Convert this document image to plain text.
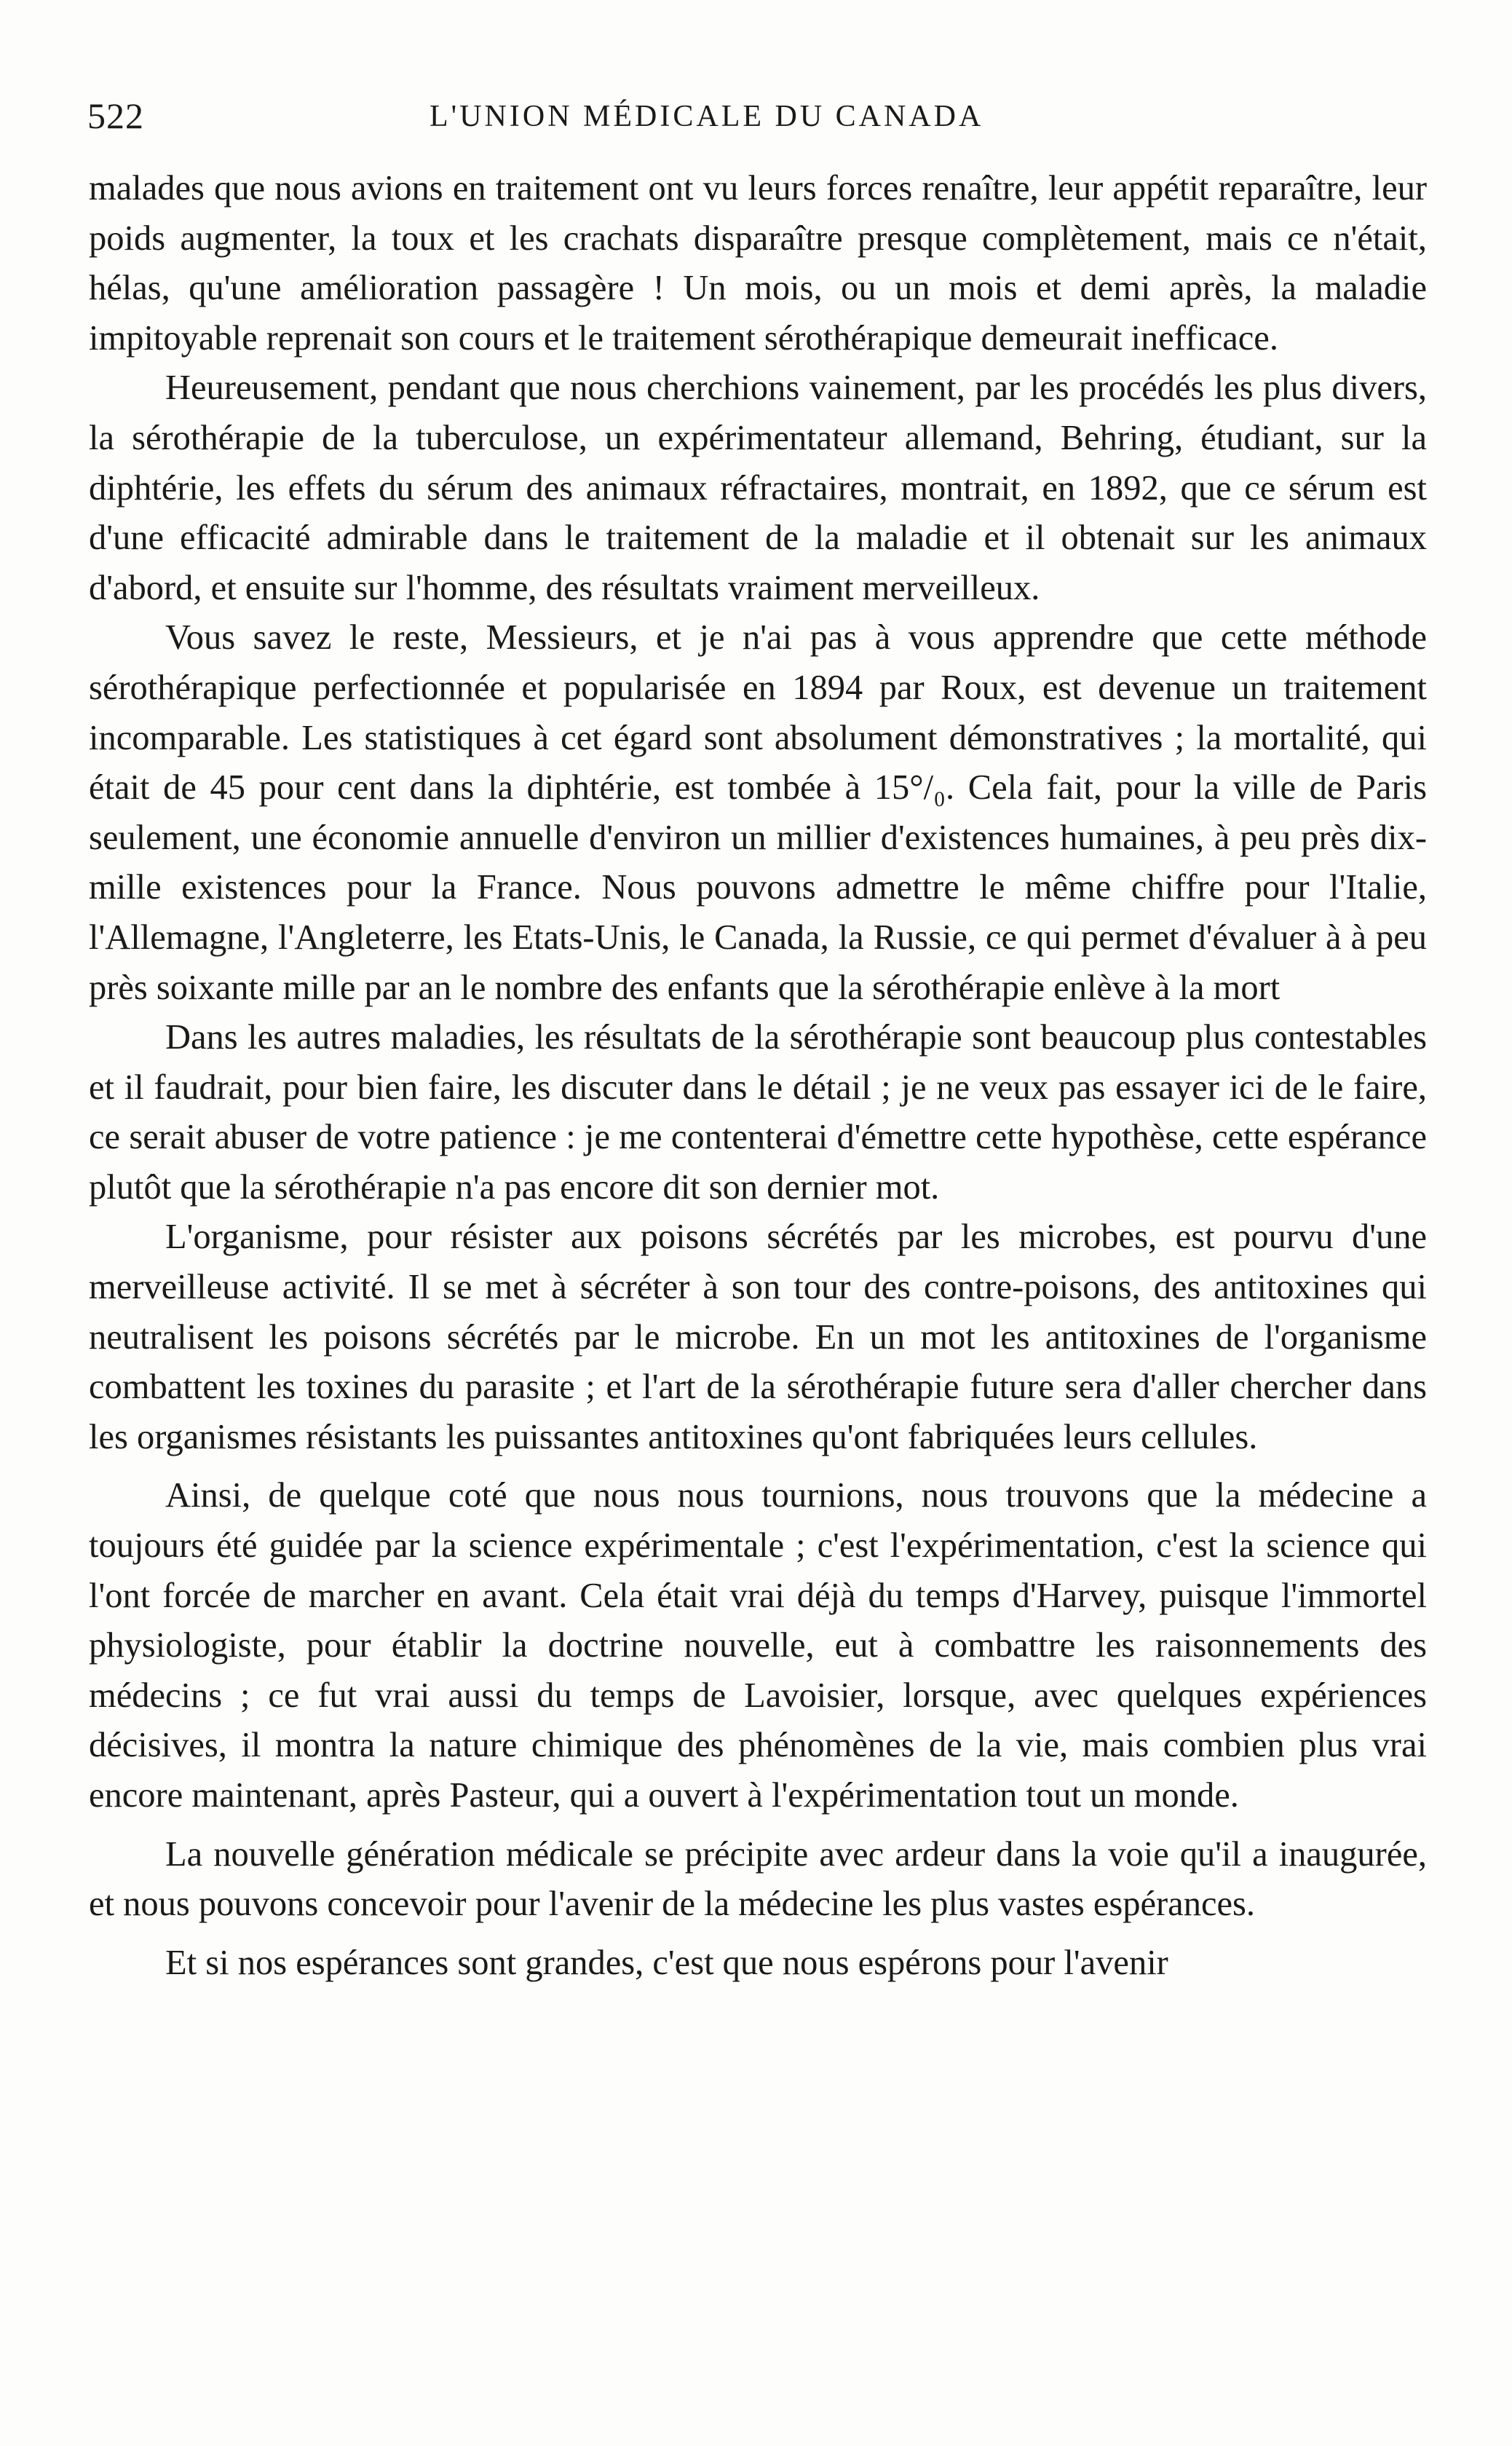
522	L'UNION MÉDICALE DU CANADA

malades que nous avions en traitement ont vu leurs forces renaître, leur appétit reparaître, leur poids augmenter, la toux et les crachats disparaître presque complètement, mais ce n'était, hélas, qu'une amélioration passagère ! Un mois, ou un mois et demi après, la maladie impitoyable reprenait son cours et le traitement sérothérapique demeurait inefficace.

Heureusement, pendant que nous cherchions vainement, par les procédés les plus divers, la sérothérapie de la tuberculose, un expérimentateur allemand, Behring, étudiant, sur la diphtérie, les effets du sérum des animaux réfractaires, montrait, en 1892, que ce sérum est d'une efficacité admirable dans le traitement de la maladie et il obtenait sur les animaux d'abord, et ensuite sur l'homme, des résultats vraiment merveilleux.

Vous savez le reste, Messieurs, et je n'ai pas à vous apprendre que cette méthode sérothérapique perfectionnée et popularisée en 1894 par Roux, est devenue un traitement incomparable. Les statistiques à cet égard sont absolument démonstratives ; la mortalité, qui était de 45 pour cent dans la diphtérie, est tombée à 15°/₀. Cela fait, pour la ville de Paris seulement, une économie annuelle d'environ un millier d'existences humaines, à peu près dix-mille existences pour la France. Nous pouvons admettre le même chiffre pour l'Italie, l'Allemagne, l'Angleterre, les Etats-Unis, le Canada, la Russie, ce qui permet d'évaluer à à peu près soixante mille par an le nombre des enfants que la sérothérapie enlève à la mort

Dans les autres maladies, les résultats de la sérothérapie sont beaucoup plus contestables et il faudrait, pour bien faire, les discuter dans le détail ; je ne veux pas essayer ici de le faire, ce serait abuser de votre patience : je me contenterai d'émettre cette hypothèse, cette espérance plutôt que la sérothérapie n'a pas encore dit son dernier mot.

L'organisme, pour résister aux poisons sécrétés par les microbes, est pourvu d'une merveilleuse activité. Il se met à sécréter à son tour des contre-poisons, des antitoxines qui neutralisent les poisons sécrétés par le microbe. En un mot les antitoxines de l'organisme combattent les toxines du parasite ; et l'art de la sérothérapie future sera d'aller chercher dans les organismes résistants les puissantes antitoxines qu'ont fabriquées leurs cellules.

Ainsi, de quelque coté que nous nous tournions, nous trouvons que la médecine a toujours été guidée par la science expérimentale ; c'est l'expérimentation, c'est la science qui l'ont forcée de marcher en avant. Cela était vrai déjà du temps d'Harvey, puisque l'immortel physiologiste, pour établir la doctrine nouvelle, eut à combattre les raisonnements des médecins ; ce fut vrai aussi du temps de Lavoisier, lorsque, avec quelques expériences décisives, il montra la nature chimique des phénomènes de la vie, mais combien plus vrai encore maintenant, après Pasteur, qui a ouvert à l'expérimentation tout un monde.

La nouvelle génération médicale se précipite avec ardeur dans la voie qu'il a inaugurée, et nous pouvons concevoir pour l'avenir de la médecine les plus vastes espérances.

Et si nos espérances sont grandes, c'est que nous espérons pour l'avenir
